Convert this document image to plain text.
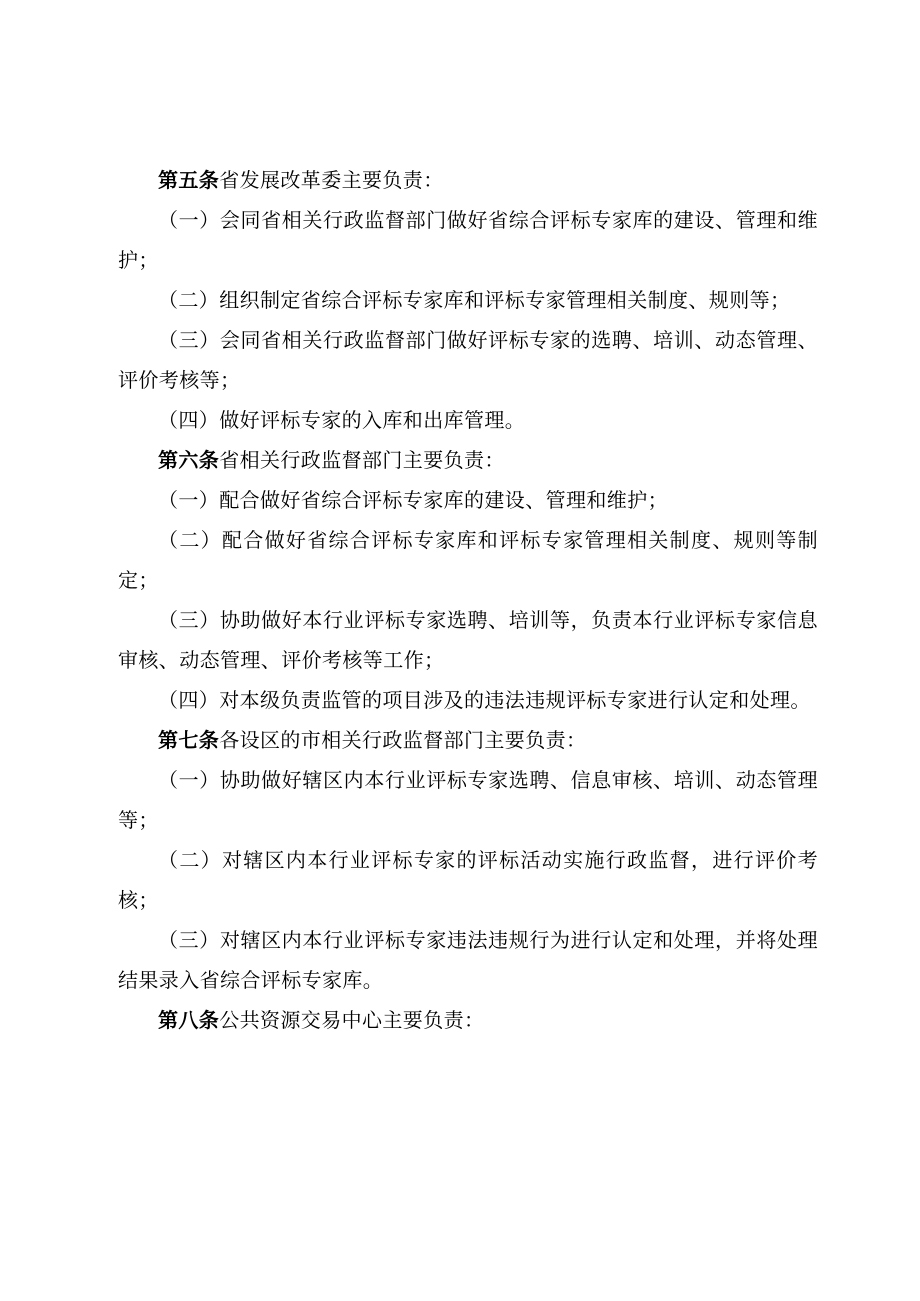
第五条省发展改革委主要负责：

（一）会同省相关行政监督部门做好省综合评标专家库的建设、管理和维护；

（二）组织制定省综合评标专家库和评标专家管理相关制度、规则等；

（三）会同省相关行政监督部门做好评标专家的选聘、培训、动态管理、评价考核等；

（四）做好评标专家的入库和出库管理。

第六条省相关行政监督部门主要负责：

（一）配合做好省综合评标专家库的建设、管理和维护；

（二）配合做好省综合评标专家库和评标专家管理相关制度、规则等制定；

（三）协助做好本行业评标专家选聘、培训等，负责本行业评标专家信息审核、动态管理、评价考核等工作；

（四）对本级负责监管的项目涉及的违法违规评标专家进行认定和处理。

第七条各设区的市相关行政监督部门主要负责：

（一）协助做好辖区内本行业评标专家选聘、信息审核、培训、动态管理等；

（二）对辖区内本行业评标专家的评标活动实施行政监督，进行评价考核；

（三）对辖区内本行业评标专家违法违规行为进行认定和处理，并将处理结果录入省综合评标专家库。

第八条公共资源交易中心主要负责：
